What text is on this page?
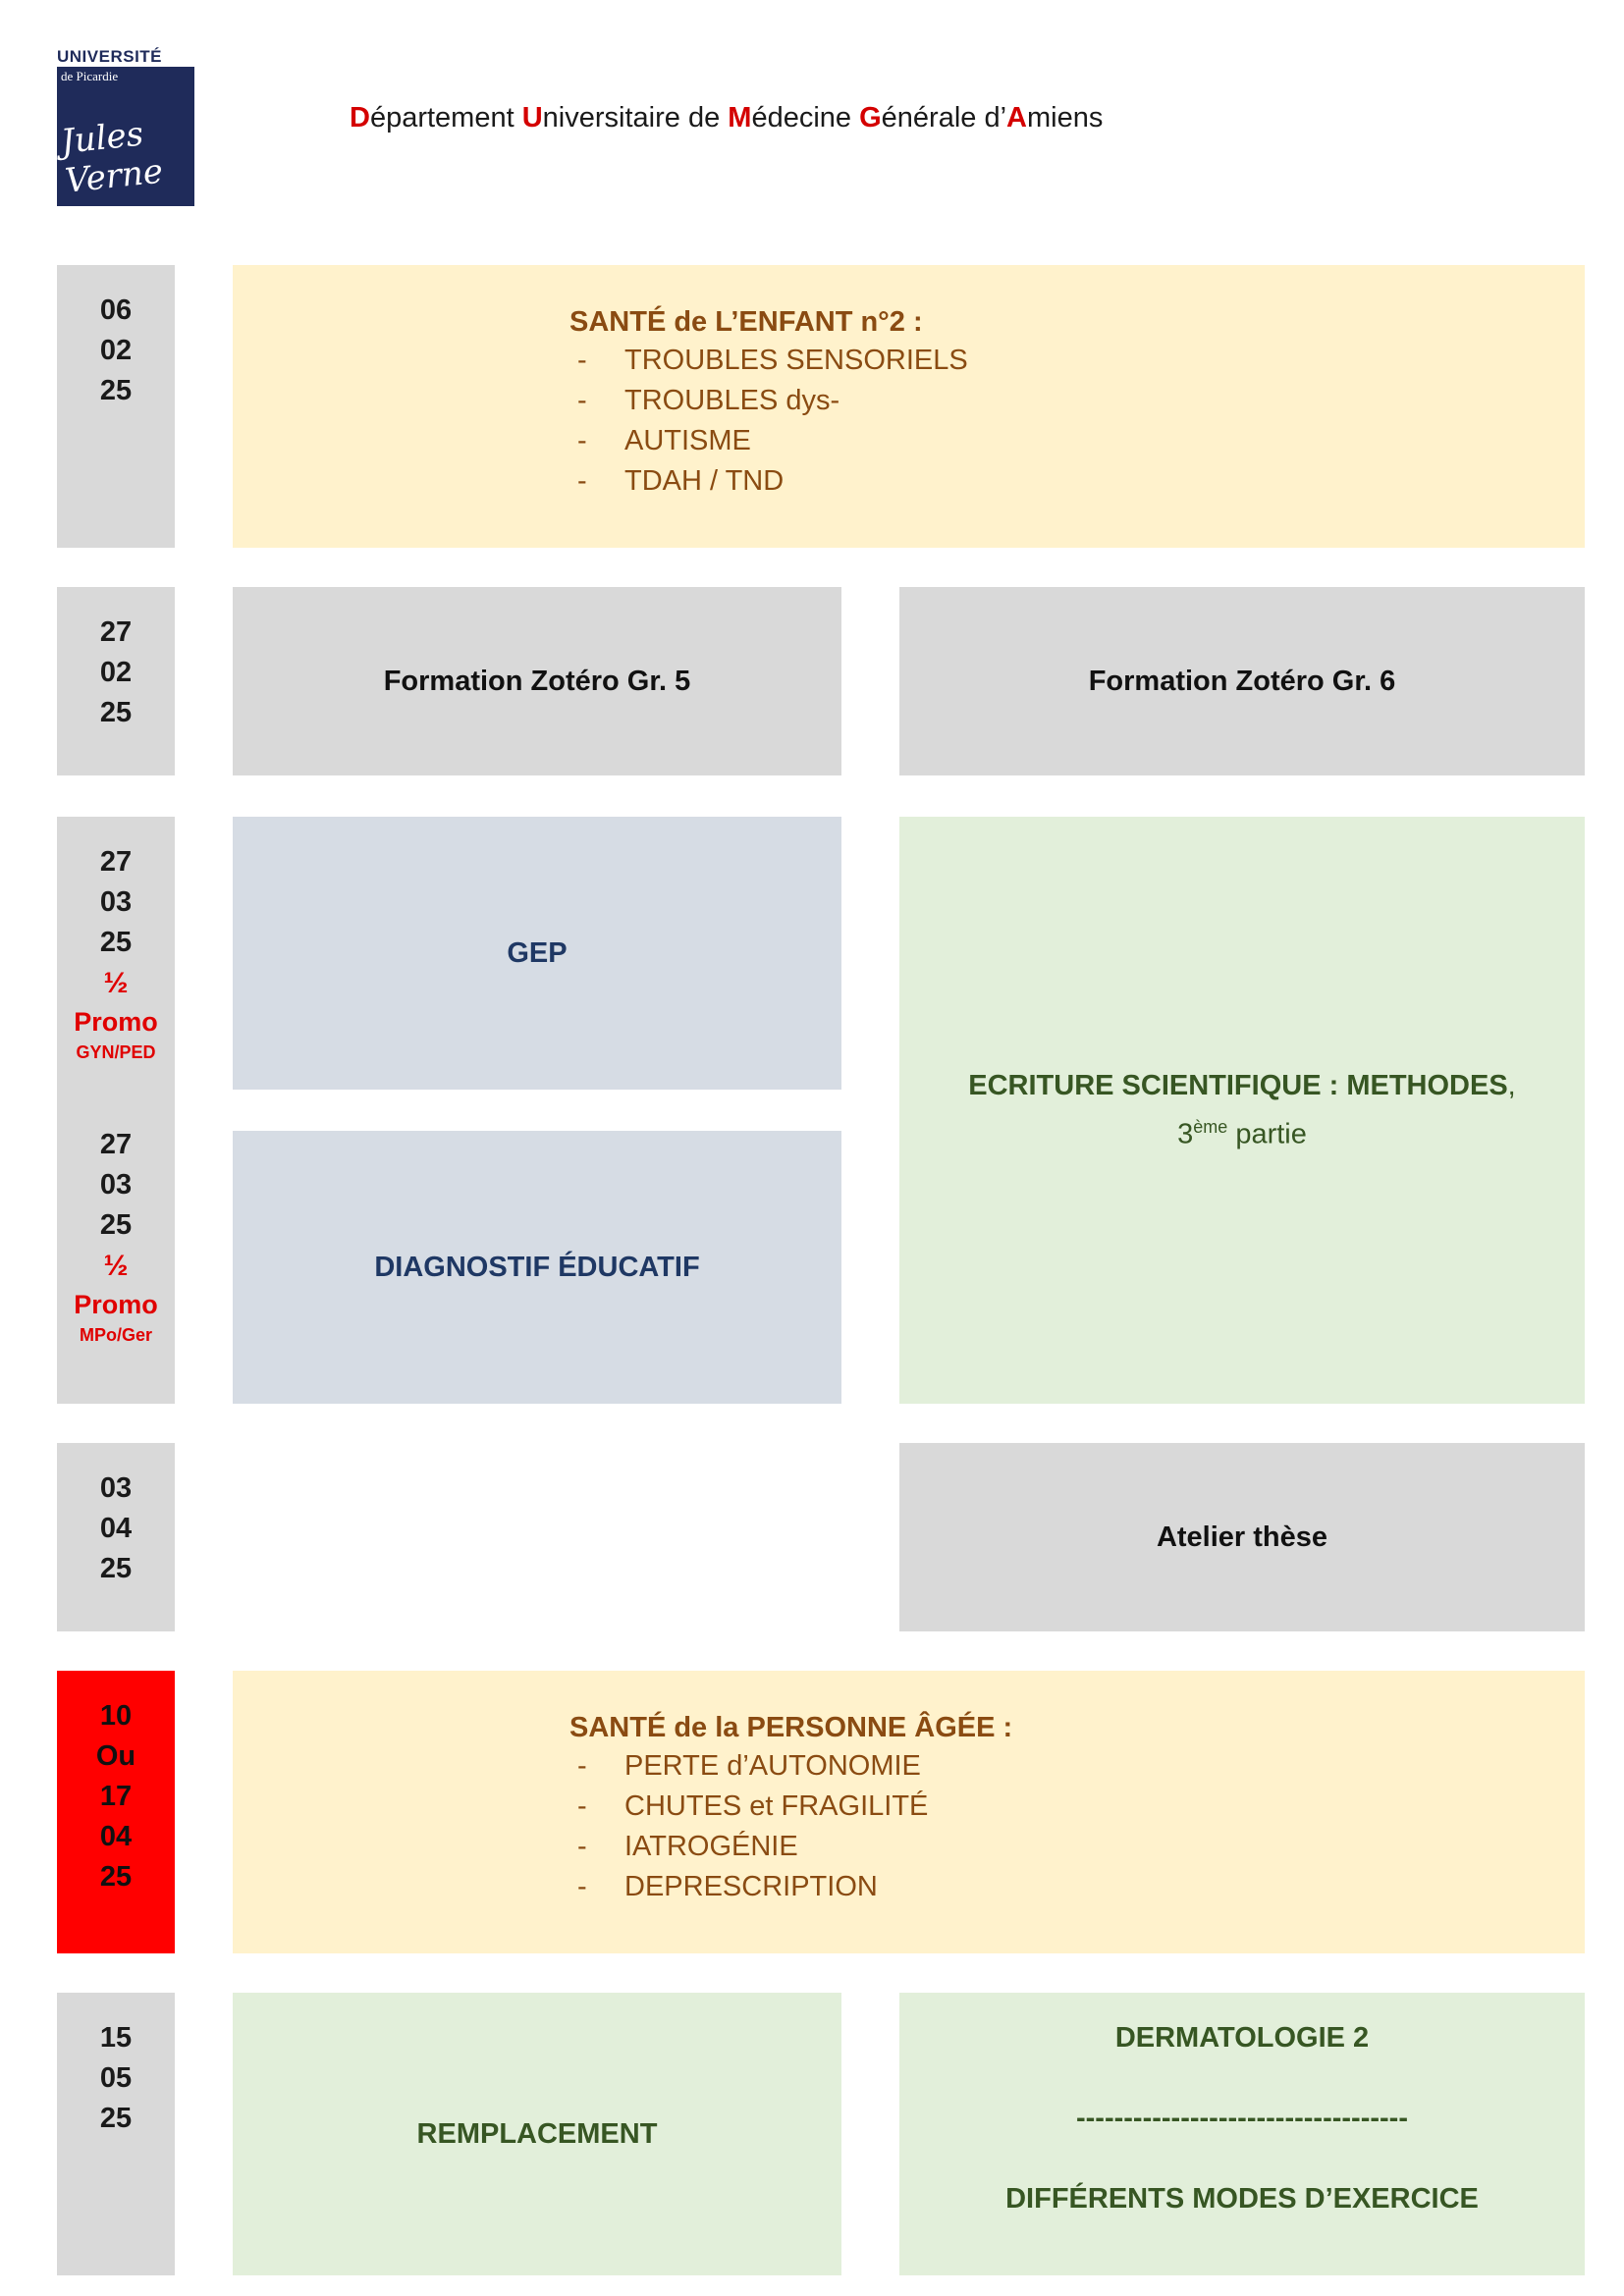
UNIVERSITÉ
de Picardie
Jules Verne
Département Universitaire de Médecine Générale d’Amiens
06
02
25
SANTÉ de L’ENFANT n°2 :
- TROUBLES SENSORIELS
- TROUBLES dys-
- AUTISME
- TDAH / TND
27
02
25
Formation Zotéro Gr. 5	Formation Zotéro Gr. 6
27
03
25
½
Promo
GYN/PED
27
03
25
½
Promo
MPo/Ger
GEP
DIAGNOSTIF ÉDUCATIF
ECRITURE SCIENTIFIQUE : METHODES,
3ème partie
03
04
25
Atelier thèse
10
Ou
17
04
25
SANTÉ de la PERSONNE ÂGÉE :
- PERTE d’AUTONOMIE
- CHUTES et FRAGILITÉ
- IATROGÉNIE
- DEPRESCRIPTION
15
05
25	REMPLACEMENT
DERMATOLOGIE 2
-----------------------------------
DIFFÉRENTS MODES D’EXERCICE
